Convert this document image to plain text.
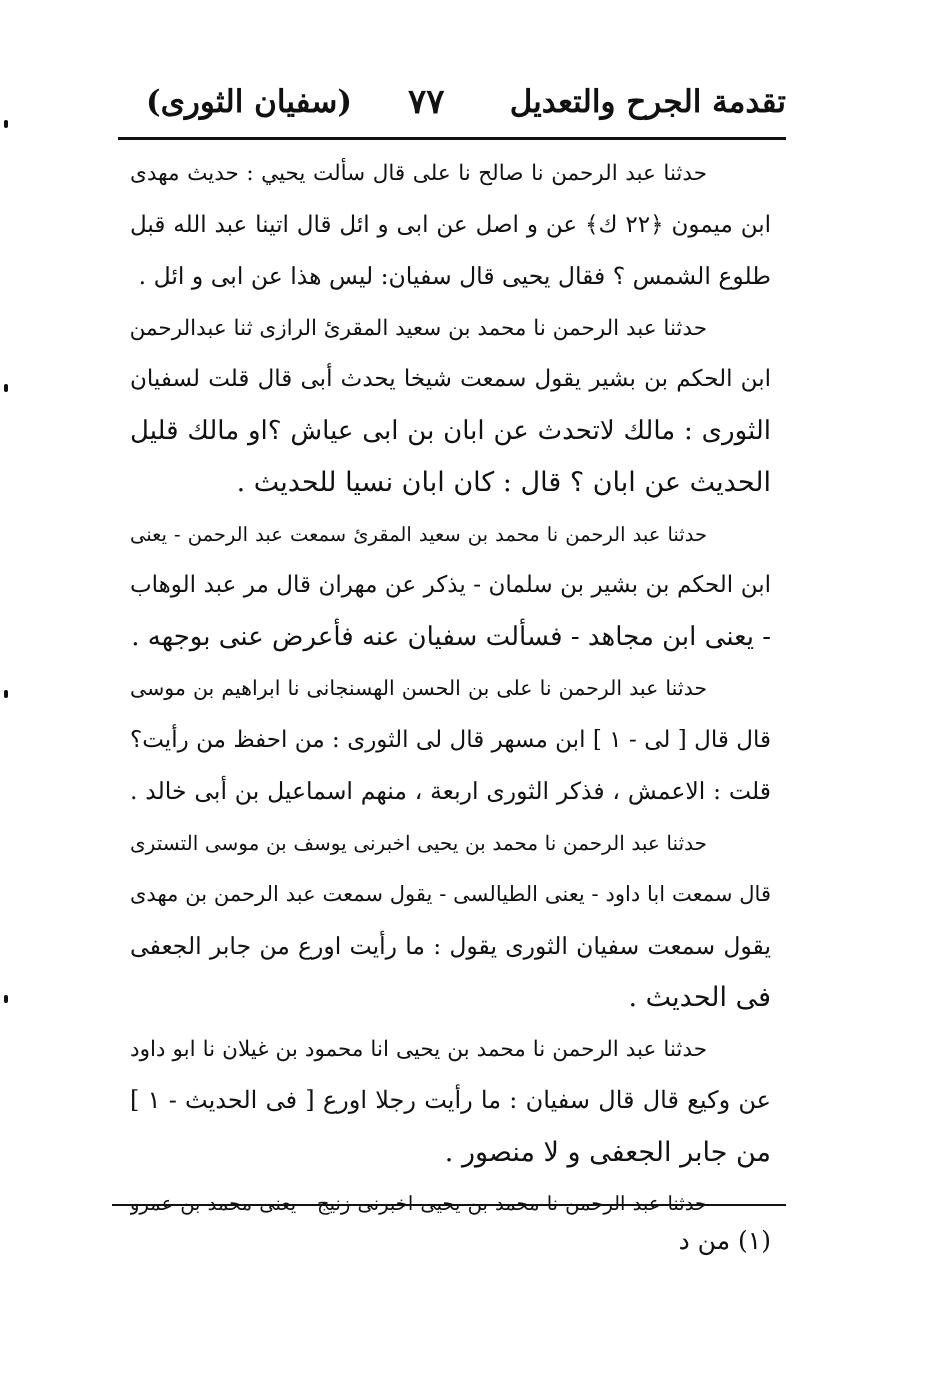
تقدمة الجرح والتعديل
٧٧
(سفيان الثورى)
حدثنا عبد الرحمن نا صالح نا على قال سألت يحيي : حديث مهدى
ابن ميمون ﴿٢٢ ك﴾ عن و اصل عن ابى و ائل قال اتينا عبد الله قبل
طلوع الشمس ؟ فقال يحيى قال سفيان: ليس هذا عن ابى و ائل .
حدثنا عبد الرحمن نا محمد بن سعيد المقرئ الرازى ثنا عبدالرحمن
ابن الحكم بن بشير يقول سمعت شيخا يحدث أبى قال قلت لسفيان
الثورى : مالك لاتحدث عن ابان بن ابى عياش ؟او مالك قليل
الحديث عن ابان ؟ قال : كان ابان نسيا للحديث .
حدثنا عبد الرحمن نا محمد بن سعيد المقرئ سمعت عبد الرحمن - يعنى
ابن الحكم بن بشير بن سلمان - يذكر عن مهران قال مر عبد الوهاب
- يعنى ابن مجاهد - فسألت سفيان عنه فأعرض عنى بوجهه .
حدثنا عبد الرحمن نا على بن الحسن الهسنجانى نا ابراهيم بن موسى
قال قال [ لى - ١ ] ابن مسهر قال لى الثورى : من احفظ من رأيت؟
قلت : الاعمش ، فذكر الثورى اربعة ، منهم اسماعيل بن أبى خالد .
حدثنا عبد الرحمن نا محمد بن يحيى اخبرنى يوسف بن موسى التسترى
قال سمعت ابا داود - يعنى الطيالسى - يقول سمعت عبد الرحمن بن مهدى
يقول سمعت سفيان الثورى يقول : ما رأيت اورع من جابر الجعفى
فى الحديث .
حدثنا عبد الرحمن نا محمد بن يحيى انا محمود بن غيلان نا ابو داود
عن وكيع قال قال سفيان : ما رأيت رجلا اورع [ فى الحديث - ١ ]
من جابر الجعفى و لا منصور .
حدثنا عبد الرحمن نا محمد بن يحيى اخبرنى زنيج - يعنى محمد بن عمرو
(١) من د
